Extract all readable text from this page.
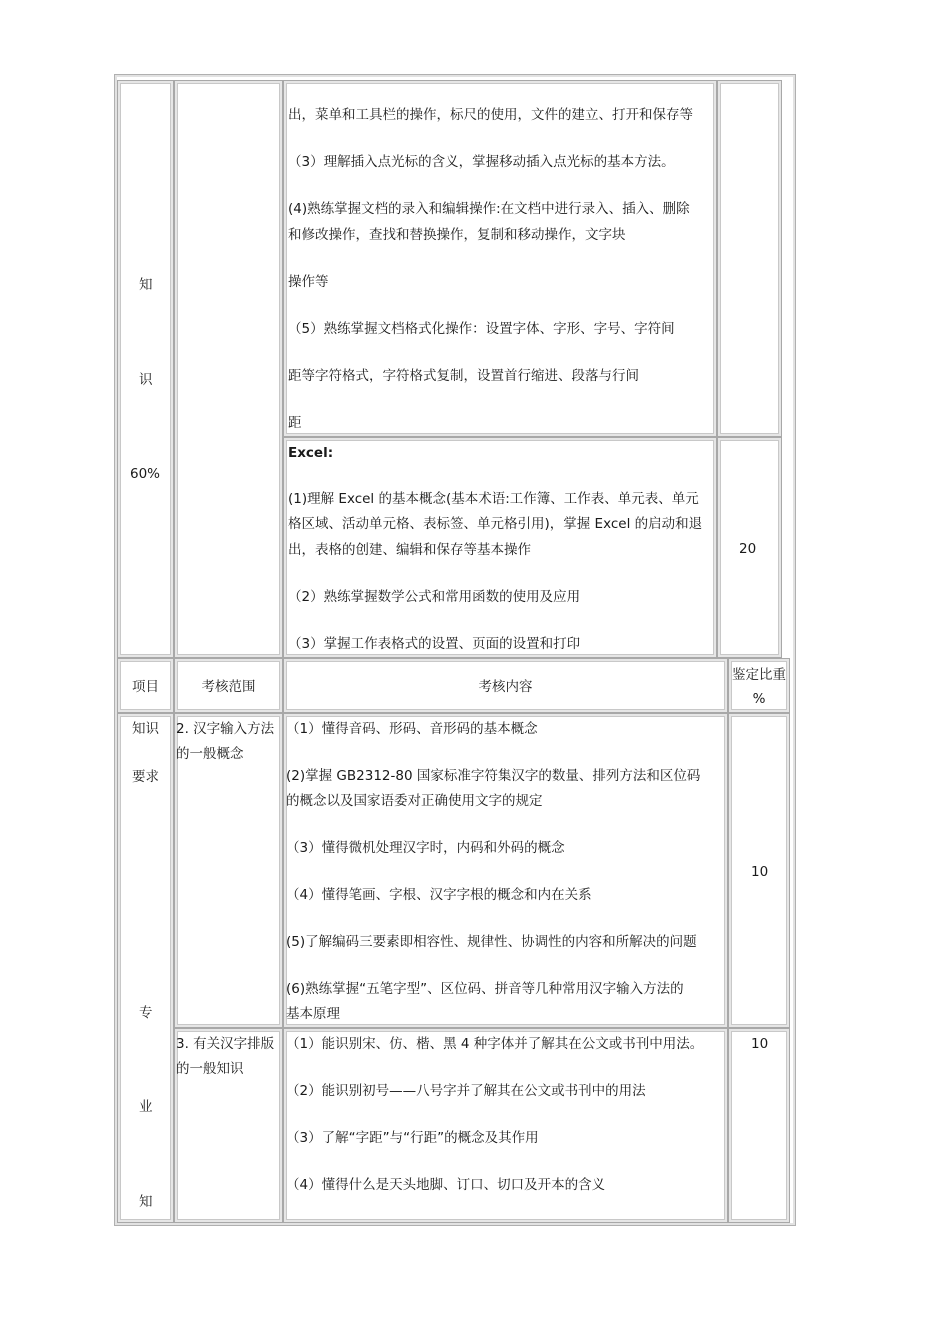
知
识
60%
出，菜单和工具栏的操作，标尺的使用，文件的建立、打开和保存等
（3）理解插入点光标的含义，掌握移动插入点光标的基本方法。
(4)熟练掌握文档的录入和编辑操作:在文档中进行录入、插入、删除
和修改操作，查找和替换操作，复制和移动操作，文字块
操作等
（5）熟练掌握文档格式化操作：设置字体、字形、字号、字符间
距等字符格式，字符格式复制，设置首行缩进、段落与行间
距
Excel:
(1)理解 Excel 的基本概念(基本术语:工作簿、工作表、单元表、单元
格区域、活动单元格、表标签、单元格引用)，掌握 Excel 的启动和退
出，表格的创建、编辑和保存等基本操作
（2）熟练掌握数学公式和常用函数的使用及应用
（3）掌握工作表格式的设置、页面的设置和打印
20
项目	考核范围	考核内容
鉴定比重
%
知识
要求
专
业
知
2. 汉字输入方法
的一般概念
（1）懂得音码、形码、音形码的基本概念
(2)掌握 GB2312-80 国家标准字符集汉字的数量、排列方法和区位码
的概念以及国家语委对正确使用文字的规定
（3）懂得微机处理汉字时，内码和外码的概念
（4）懂得笔画、字根、汉字字根的概念和内在关系
(5)了解编码三要素即相容性、规律性、协调性的内容和所解决的问题
(6)熟练掌握“五笔字型”、区位码、拼音等几种常用汉字输入方法的
基本原理
10
3. 有关汉字排版
的一般知识
（1）能识别宋、仿、楷、黑 4 种字体并了解其在公文或书刊中用法。
（2）能识别初号——八号字并了解其在公文或书刊中的用法
（3）了解“字距”与“行距”的概念及其作用
（4）懂得什么是天头地脚、订口、切口及开本的含义
10
